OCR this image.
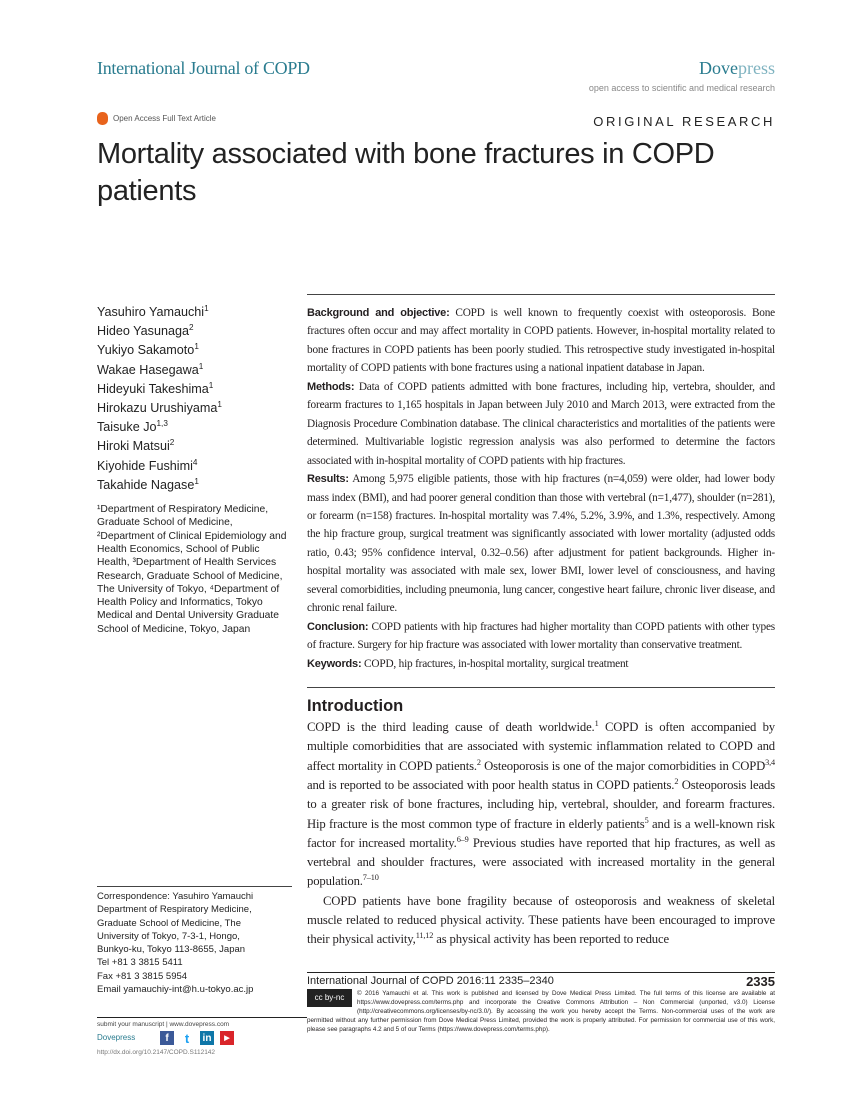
International Journal of COPD	Dovepress
open access to scientific and medical research
Open Access Full Text Article	ORIGINAL RESEARCH
Mortality associated with bone fractures in COPD patients
Yasuhiro Yamauchi$^1$
Hideo Yasunaga$^2$
Yukiyo Sakamoto$^1$
Wakae Hasegawa$^1$
Hideyuki Takeshima$^1$
Hirokazu Urushiyama$^1$
Taisuke Jo$^{1,3}$
Hiroki Matsui$^2$
Kiyohide Fushimi$^4$
Takahide Nagase$^1$
¹Department of Respiratory Medicine, Graduate School of Medicine, ²Department of Clinical Epidemiology and Health Economics, School of Public Health, ³Department of Health Services Research, Graduate School of Medicine, The University of Tokyo, ⁴Department of Health Policy and Informatics, Tokyo Medical and Dental University Graduate School of Medicine, Tokyo, Japan
Correspondence: Yasuhiro Yamauchi
Department of Respiratory Medicine,
Graduate School of Medicine, The
University of Tokyo, 7-3-1, Hongo,
Bunkyo-ku, Tokyo 113-8655, Japan
Tel +81 3 3815 5411
Fax +81 3 3815 5954
Email yamauchiy-int@h.u-tokyo.ac.jp

Background and objective: COPD is well known to frequently coexist with osteoporosis. Bone fractures often occur and may affect mortality in COPD patients. However, in-hospital mortality related to bone fractures in COPD patients has been poorly studied. This retrospective study investigated in-hospital mortality of COPD patients with bone fractures using a national inpatient database in Japan.

Methods: Data of COPD patients admitted with bone fractures, including hip, vertebra, shoulder, and forearm fractures to 1,165 hospitals in Japan between July 2010 and March 2013, were extracted from the Diagnosis Procedure Combination database. The clinical characteristics and mortalities of the patients were determined. Multivariable logistic regression analysis was also performed to determine the factors associated with in-hospital mortality of COPD patients with hip fractures.

Results: Among 5,975 eligible patients, those with hip fractures (n=4,059) were older, had lower body mass index (BMI), and had poorer general condition than those with vertebral (n=1,477), shoulder (n=281), or forearm (n=158) fractures. In-hospital mortality was 7.4%, 5.2%, 3.9%, and 1.3%, respectively. Among the hip fracture group, surgical treatment was significantly associated with lower mortality (adjusted odds ratio, 0.43; 95% confidence interval, 0.32–0.56) after adjustment for patient backgrounds. Higher in-hospital mortality was associated with male sex, lower BMI, lower level of consciousness, and having several comorbidities, including pneumonia, lung cancer, congestive heart failure, chronic liver disease, and chronic renal failure.

Conclusion: COPD patients with hip fractures had higher mortality than COPD patients with other types of fracture. Surgery for hip fracture was associated with lower mortality than conservative treatment.

Keywords: COPD, hip fractures, in-hospital mortality, surgical treatment

Introduction

COPD is the third leading cause of death worldwide.$^1$ COPD is often accompanied by multiple comorbidities that are associated with systemic inflammation related to COPD and affect mortality in COPD patients.$^2$ Osteoporosis is one of the major comorbidities in COPD$^{3,4}$ and is reported to be associated with poor health status in COPD patients.$^2$ Osteoporosis leads to a greater risk of bone fractures, including hip, vertebral, shoulder, and forearm fractures. Hip fracture is the most common type of fracture in elderly patients$^5$ and is a well-known risk factor for increased mortality.$^{6-9}$ Previous studies have reported that hip fractures, as well as vertebral and shoulder fractures, were associated with increased mortality in the general population.$^{7-10}$

COPD patients have bone fragility because of osteoporosis and weakness of skeletal muscle related to reduced physical activity. These patients have been encouraged to improve their physical activity,$^{11,12}$ as physical activity has been reported to reduce

International Journal of COPD 2016:11 2335–2340	2335
cc by-nc	© 2016 Yamauchi et al. This work is published and licensed by Dove Medical Press Limited. The full terms of this license are available at https://www.dovepress.com/terms.php and incorporate the Creative Commons Attribution – Non Commercial (unported, v3.0) License (http://creativecommons.org/licenses/by-nc/3.0/). By accessing the work you hereby accept the Terms. Non-commercial uses of the work are permitted without any further permission from Dove Medical Press Limited, provided the work is properly attributed. For permission for commercial use of this work, please see paragraphs 4.2 and 5 of our Terms (https://www.dovepress.com/terms.php).
submit your manuscript | www.dovepress.com
Dovepress	f	t	in	▶
http://dx.doi.org/10.2147/COPD.S112142
